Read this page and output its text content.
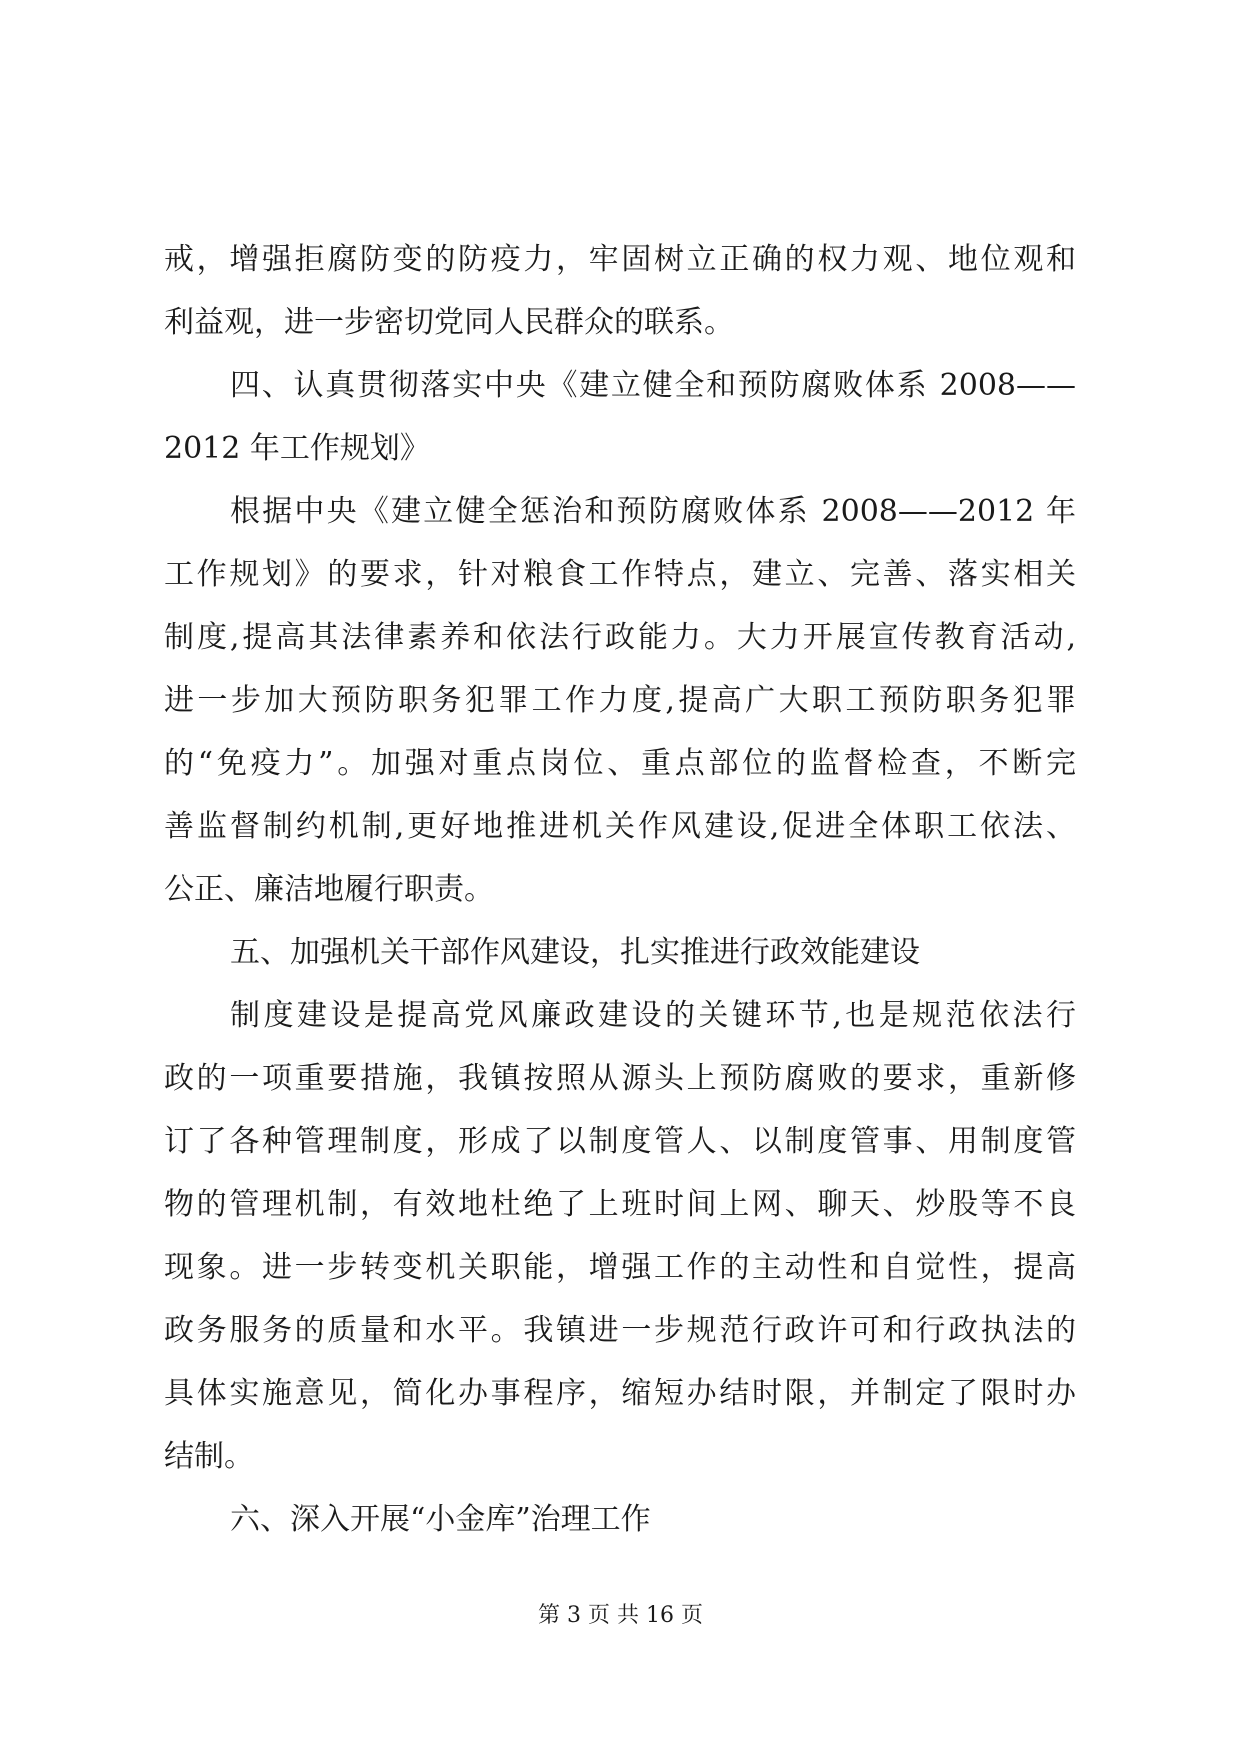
戒，增强拒腐防变的防疫力，牢固树立正确的权力观、地位观和

利益观，进一步密切党同人民群众的联系。

四、认真贯彻落实中央《建立健全和预防腐败体系 2008——

2012 年工作规划》

根据中央《建立健全惩治和预防腐败体系 2008——2012 年

工作规划》的要求，针对粮食工作特点，建立、完善、落实相关

制度,提高其法律素养和依法行政能力。大力开展宣传教育活动,

进一步加大预防职务犯罪工作力度,提高广大职工预防职务犯罪

的“免疫力”。加强对重点岗位、重点部位的监督检查，不断完

善监督制约机制,更好地推进机关作风建设,促进全体职工依法、

公正、廉洁地履行职责。

五、加强机关干部作风建设，扎实推进行政效能建设

制度建设是提高党风廉政建设的关键环节,也是规范依法行

政的一项重要措施，我镇按照从源头上预防腐败的要求，重新修

订了各种管理制度，形成了以制度管人、以制度管事、用制度管

物的管理机制，有效地杜绝了上班时间上网、聊天、炒股等不良

现象。进一步转变机关职能，增强工作的主动性和自觉性，提高

政务服务的质量和水平。我镇进一步规范行政许可和行政执法的

具体实施意见，简化办事程序，缩短办结时限，并制定了限时办

结制。

六、深入开展“小金库”治理工作

第 3 页 共 16 页
